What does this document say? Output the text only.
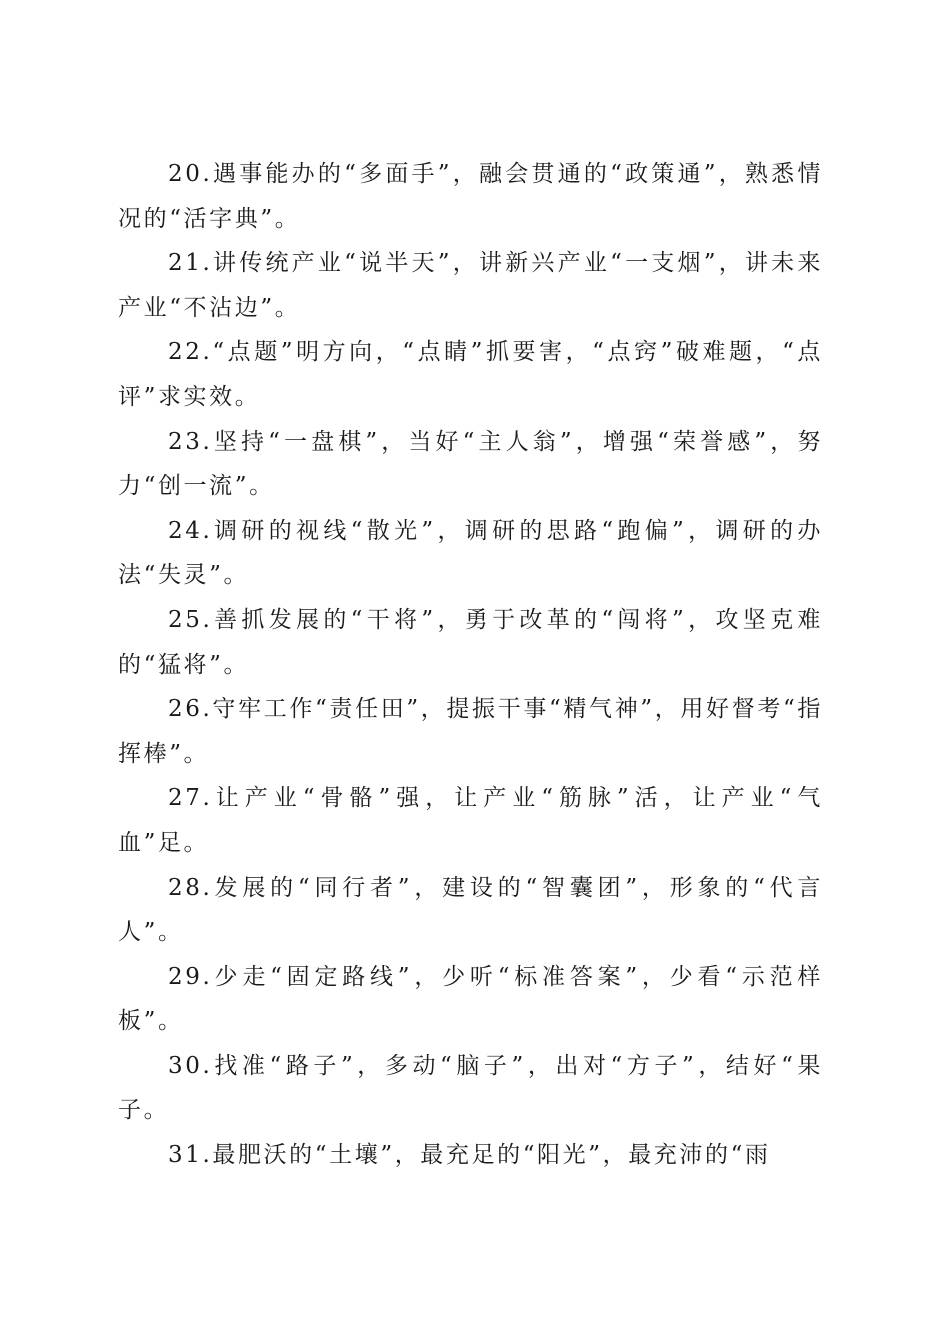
20.遇事能办的“多面手”，融会贯通的“政策通”，熟悉情况的“活字典”。

21.讲传统产业“说半天”，讲新兴产业“一支烟”，讲未来产业“不沾边”。

22.“点题”明方向，“点睛”抓要害，“点窍”破难题，“点评”求实效。

23.坚持“一盘棋”，当好“主人翁”，增强“荣誉感”，努力“创一流”。

24.调研的视线“散光”，调研的思路“跑偏”，调研的办法“失灵”。

25.善抓发展的“干将”，勇于改革的“闯将”，攻坚克难的“猛将”。

26.守牢工作“责任田”，提振干事“精气神”，用好督考“指挥棒”。

27.让产业“骨骼”强，让产业“筋脉”活，让产业“气血”足。

28.发展的“同行者”，建设的“智囊团”，形象的“代言人”。

29.少走“固定路线”，少听“标准答案”，少看“示范样板”。

30.找准“路子”，多动“脑子”，出对“方子”，结好“果子。

31.最肥沃的“土壤”，最充足的“阳光”，最充沛的“雨
